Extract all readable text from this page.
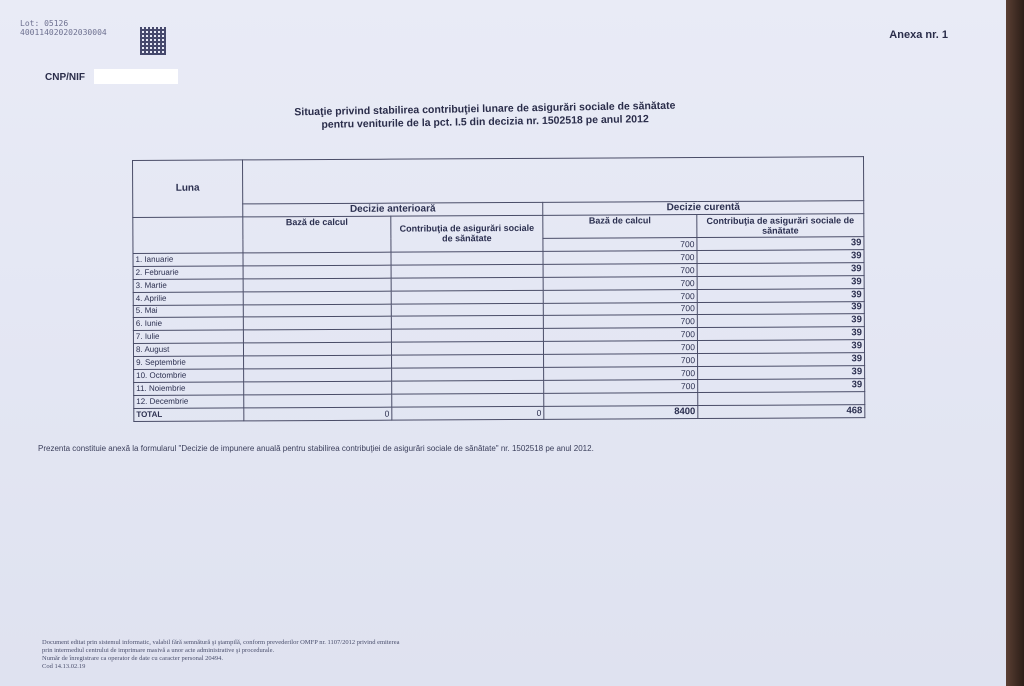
Lot: 05126
400114020202030004	Anexa nr. 1
CNP/NIF
Situaţie privind stabilirea contribuţiei lunare de asigurări sociale de sănătate
pentru veniturile de la pct. I.5 din decizia nr. 1502518 pe anul 2012
Luna				
	Decizie anterioară		Decizie curentă	
	Bază de calcul	Contribuţia de asigurări sociale de sănătate	Bază de calcul	Contribuţia de asigurări sociale de sănătate
			700	39
1. Ianuarie			700	39
2. Februarie			700	39
3. Martie			700	39
4. Aprilie			700	39
5. Mai			700	39
6. Iunie			700	39
7. Iulie			700	39
8. August			700	39
9. Septembrie			700	39
10. Octombrie			700	39
11. Noiembrie			700	39
12. Decembrie				
TOTAL	0	0	8400	468
Prezenta constituie anexă la formularul "Decizie de impunere anuală pentru stabilirea contribuţiei de asigurări sociale de sănătate" nr. 1502518 pe anul 2012.
Document editat prin sistemul informatic, valabil fără semnătură şi ştampilă, conform prevederilor OMFP nr. 1107/2012 privind emiterea
prin intermediul centrului de imprimare masivă a unor acte administrative şi procedurale.
Număr de înregistrare ca operator de date cu caracter personal 20494.
Cod 14.13.02.19
